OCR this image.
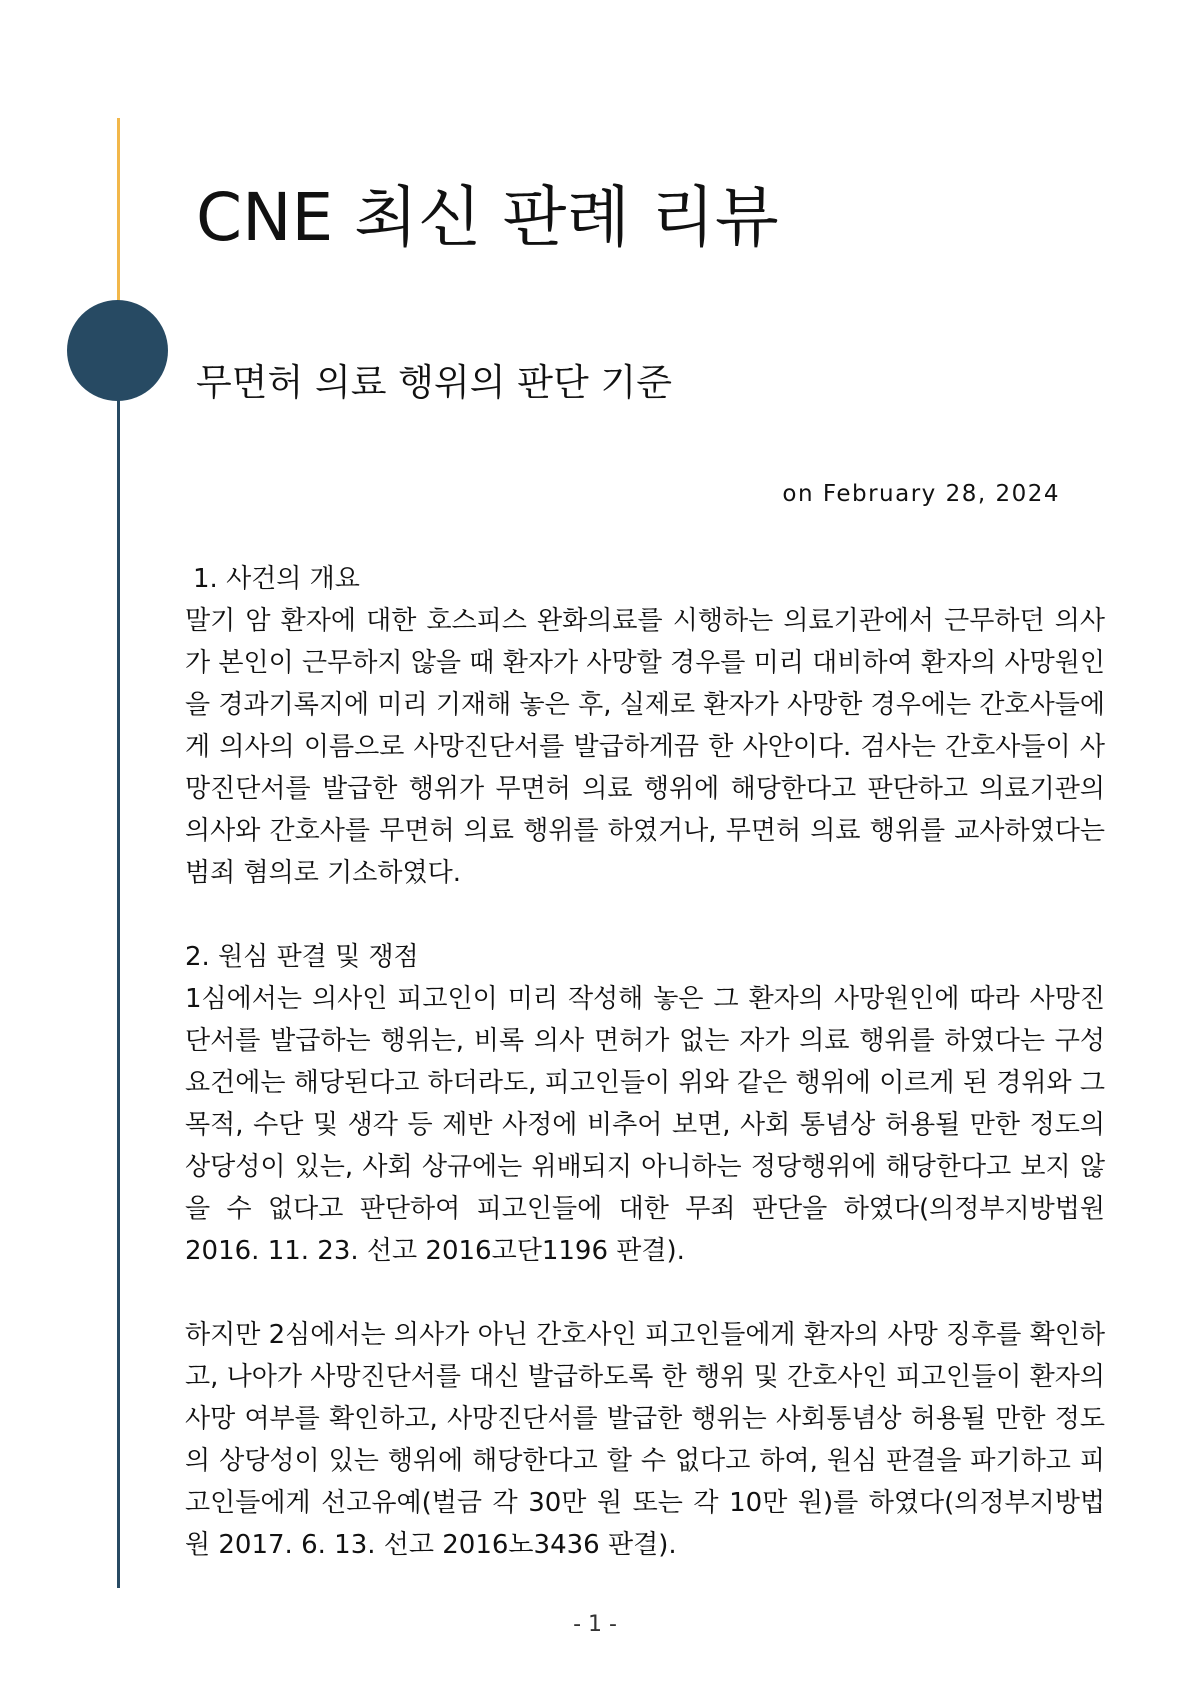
CNE 최신 판례 리뷰
무면허 의료 행위의 판단 기준
on February 28, 2024
1. 사건의 개요

말기 암 환자에 대한 호스피스 완화의료를 시행하는 의료기관에서 근무하던 의사가 본인이 근무하지 않을 때 환자가 사망할 경우를 미리 대비하여 환자의 사망원인을 경과기록지에 미리 기재해 놓은 후, 실제로 환자가 사망한 경우에는 간호사들에게 의사의 이름으로 사망진단서를 발급하게끔 한 사안이다. 검사는 간호사들이 사망진단서를 발급한 행위가 무면허 의료 행위에 해당한다고 판단하고 의료기관의 의사와 간호사를 무면허 의료 행위를 하였거나, 무면허 의료 행위를 교사하였다는 범죄 혐의로 기소하였다.

2. 원심 판결 및 쟁점

1심에서는 의사인 피고인이 미리 작성해 놓은 그 환자의 사망원인에 따라 사망진단서를 발급하는 행위는, 비록 의사 면허가 없는 자가 의료 행위를 하였다는 구성요건에는 해당된다고 하더라도, 피고인들이 위와 같은 행위에 이르게 된 경위와 그 목적, 수단 및 생각 등 제반 사정에 비추어 보면, 사회 통념상 허용될 만한 정도의 상당성이 있는, 사회 상규에는 위배되지 아니하는 정당행위에 해당한다고 보지 않을 수 없다고 판단하여 피고인들에 대한 무죄 판단을 하였다(의정부지방법원 2016. 11. 23. 선고 2016고단1196 판결).

하지만 2심에서는 의사가 아닌 간호사인 피고인들에게 환자의 사망 징후를 확인하고, 나아가 사망진단서를 대신 발급하도록 한 행위 및 간호사인 피고인들이 환자의 사망 여부를 확인하고, 사망진단서를 발급한 행위는 사회통념상 허용될 만한 정도의 상당성이 있는 행위에 해당한다고 할 수 없다고 하여, 원심 판결을 파기하고 피고인들에게 선고유예(벌금 각 30만 원 또는 각 10만 원)를 하였다(의정부지방법원 2017. 6. 13. 선고 2016노3436 판결).

- 1 -
